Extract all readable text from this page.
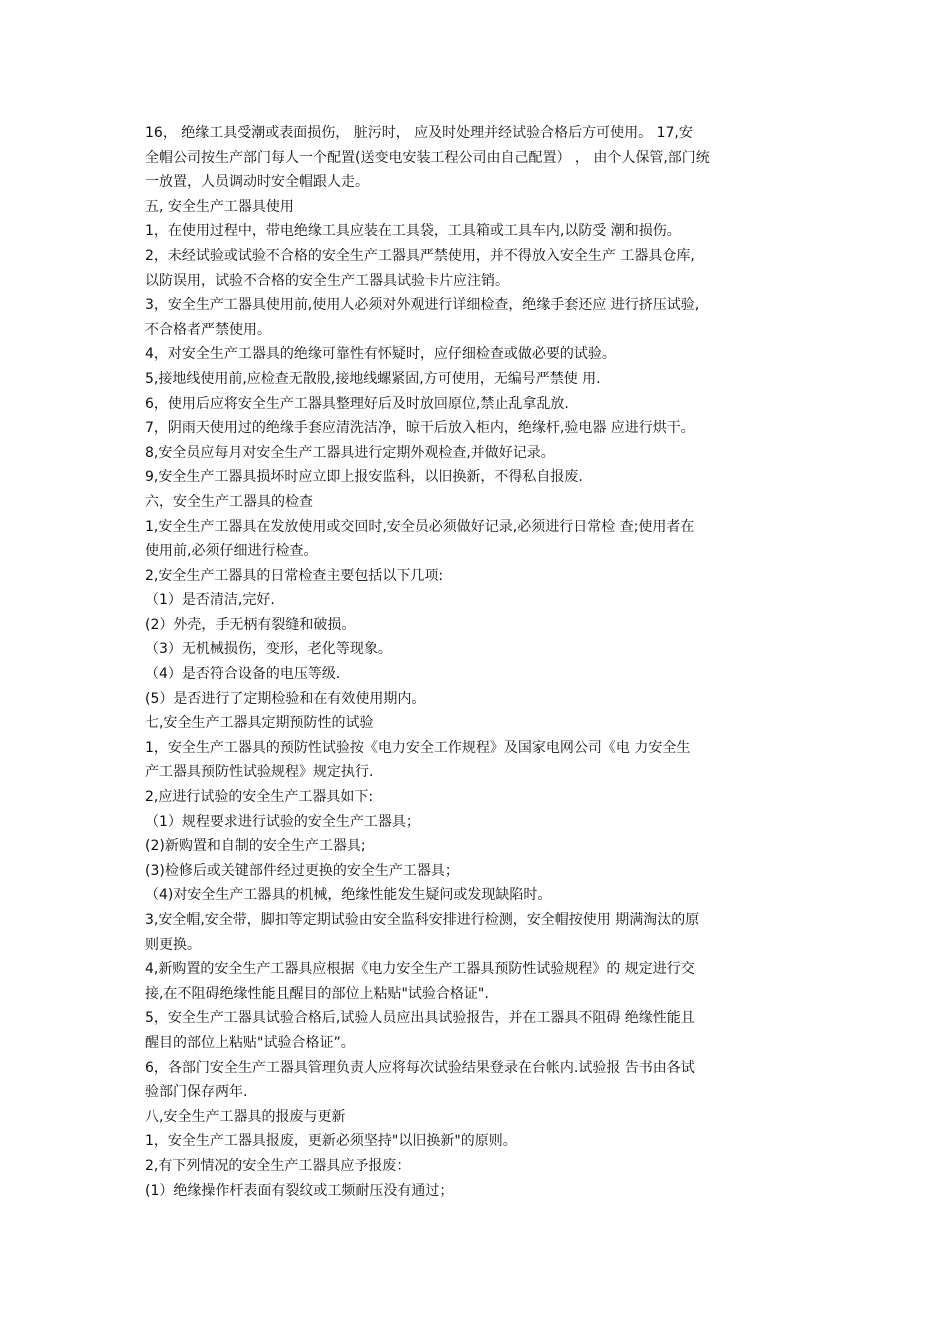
16， 绝缘工具受潮或表面损伤， 脏污时， 应及时处理并经试验合格后方可使用。 17,安
全帽公司按生产部门每人一个配置(送变电安装工程公司由自己配置） ， 由个人保管,部门统
一放置，人员调动时安全帽跟人走。
五, 安全生产工器具使用
1，在使用过程中，带电绝缘工具应装在工具袋，工具箱或工具车内,以防受 潮和损伤。
2，未经试验或试验不合格的安全生产工器具严禁使用，并不得放入安全生产 工器具仓库,
以防误用，试验不合格的安全生产工器具试验卡片应注销。
3，安全生产工器具使用前,使用人必须对外观进行详细检查，绝缘手套还应 进行挤压试验,
不合格者严禁使用。
4，对安全生产工器具的绝缘可靠性有怀疑时，应仔细检查或做必要的试验。
5,接地线使用前,应检查无散股,接地线螺紧固,方可使用，无编号严禁使 用.
6，使用后应将安全生产工器具整理好后及时放回原位,禁止乱拿乱放.
7，阴雨天使用过的绝缘手套应清洗洁净，晾干后放入柜内，绝缘杆,验电器 应进行烘干。
8,安全员应每月对安全生产工器具进行定期外观检查,并做好记录。
9,安全生产工器具损坏时应立即上报安监科，以旧换新，不得私自报废.
六，安全生产工器具的检查
1,安全生产工器具在发放使用或交回时,安全员必须做好记录,必须进行日常检 查;使用者在
使用前,必须仔细进行检查。
2,安全生产工器具的日常检查主要包括以下几项:
（1）是否清洁,完好.
(2）外壳，手无柄有裂缝和破损。
（3）无机械损伤，变形，老化等现象。
（4）是否符合设备的电压等级.
(5）是否进行了定期检验和在有效使用期内。
七,安全生产工器具定期预防性的试验
1，安全生产工器具的预防性试验按《电力安全工作规程》及国家电网公司《电 力安全生
产工器具预防性试验规程》规定执行.
2,应进行试验的安全生产工器具如下:
（1）规程要求进行试验的安全生产工器具；
(2)新购置和自制的安全生产工器具;
(3)检修后或关键部件经过更换的安全生产工器具；
（4)对安全生产工器具的机械，绝缘性能发生疑问或发现缺陷时。
3,安全帽,安全带，脚扣等定期试验由安全监科安排进行检测，安全帽按使用 期满淘汰的原
则更换。
4,新购置的安全生产工器具应根据《电力安全生产工器具预防性试验规程》的 规定进行交
接,在不阻碍绝缘性能且醒目的部位上粘贴"试验合格证".
5，安全生产工器具试验合格后,试验人员应出具试验报告，并在工器具不阻碍 绝缘性能且
醒目的部位上粘贴"试验合格证”。
6，各部门安全生产工器具管理负责人应将每次试验结果登录在台帐内.试验报 告书由各试
验部门保存两年.
八,安全生产工器具的报废与更新
1，安全生产工器具报废，更新必须坚持"以旧换新"的原则。
2,有下列情况的安全生产工器具应予报废：
(1）绝缘操作杆表面有裂纹或工频耐压没有通过；
